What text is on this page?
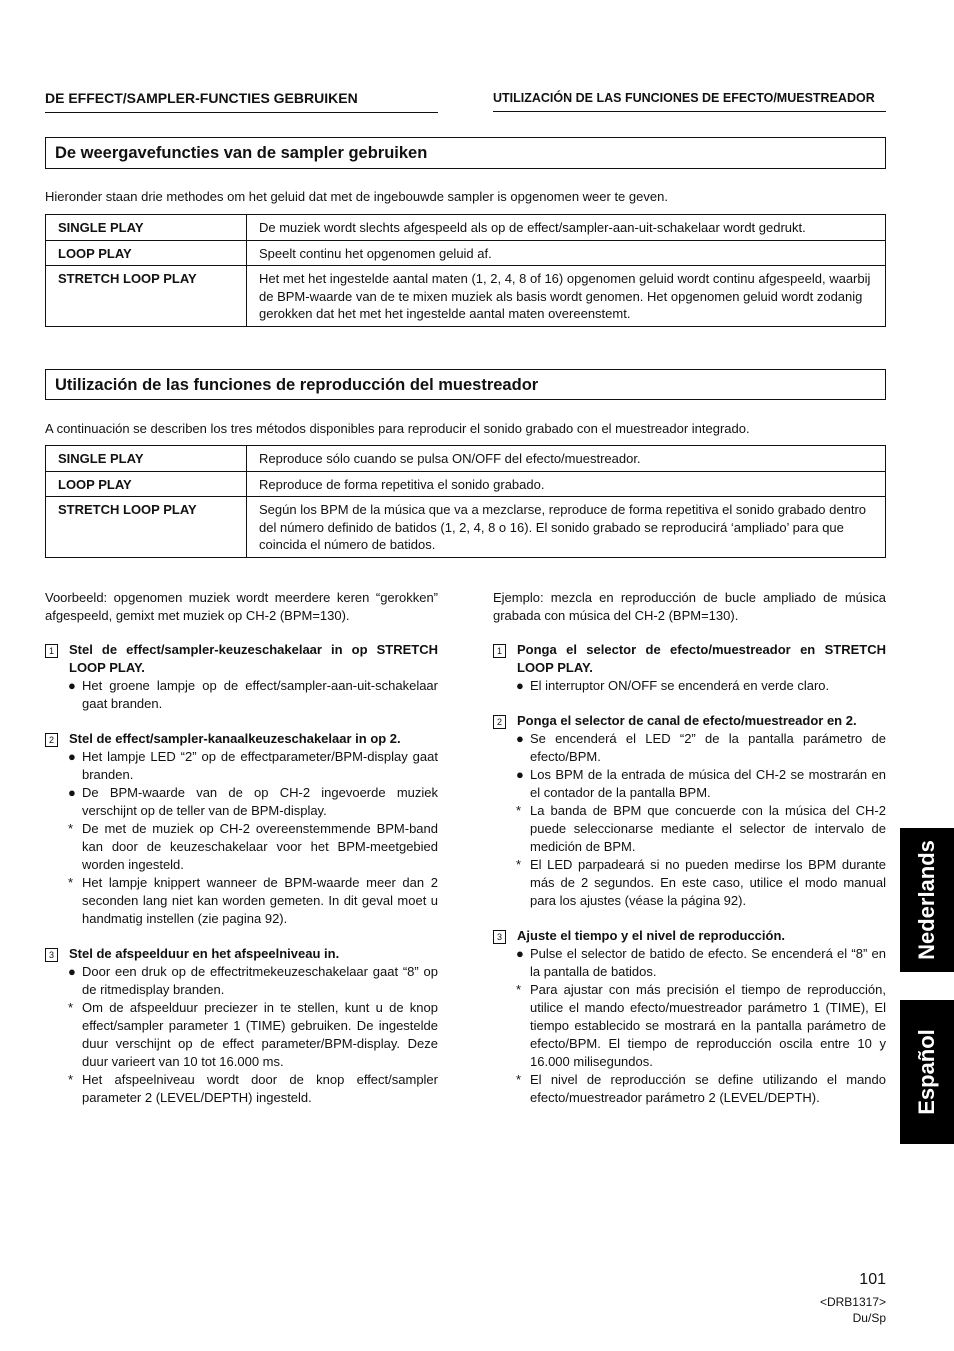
DE EFFECT/SAMPLER-FUNCTIES GEBRUIKEN	UTILIZACIÓN DE LAS FUNCIONES DE EFECTO/MUESTREADOR
De weergavefuncties van de sampler gebruiken
Hieronder staan drie methodes om het geluid dat met de ingebouwde sampler is opgenomen weer te geven.
SINGLE PLAY	De muziek wordt slechts afgespeeld als op de effect/sampler-aan-uit-schakelaar wordt gedrukt.
LOOP PLAY	Speelt continu het opgenomen geluid af.
STRETCH LOOP PLAY	Het met het ingestelde aantal maten (1, 2, 4, 8 of 16) opgenomen geluid wordt continu afgespeeld, waarbij de BPM-waarde van de te mixen muziek als basis wordt genomen. Het opgenomen geluid wordt zodanig gerokken dat het met het ingestelde aantal maten overeenstemt.
Utilización de las funciones de reproducción del muestreador
A continuación se describen los tres métodos disponibles para reproducir el sonido grabado con el muestreador integrado.
SINGLE PLAY	Reproduce sólo cuando se pulsa ON/OFF del efecto/muestreador.
LOOP PLAY	Reproduce de forma repetitiva el sonido grabado.
STRETCH LOOP PLAY	Según los BPM de la música que va a mezclarse, reproduce de forma repetitiva el sonido grabado dentro del número definido de batidos (1, 2, 4, 8 o 16). El sonido grabado se reproducirá ‘ampliado’ para que coincida el número de batidos.

Voorbeeld: opgenomen muziek wordt meerdere keren “gerokken” afgespeeld, gemixt met muziek op CH-2 (BPM=130).

1	Stel de effect/sampler-keuzeschakelaar in op STRETCH LOOP PLAY.
● Het groene lampje op de effect/sampler-aan-uit-schakelaar gaat branden.
2	Stel de effect/sampler-kanaalkeuzeschakelaar in op 2.
● Het lampje LED “2” op de effectparameter/BPM-display gaat branden.
● De BPM-waarde van de op CH-2 ingevoerde muziek verschijnt op de teller van de BPM-display.
* De met de muziek op CH-2 overeenstemmende BPM-band kan door de keuzeschakelaar voor het BPM-meetgebied worden ingesteld.
* Het lampje knippert wanneer de BPM-waarde meer dan 2 seconden lang niet kan worden gemeten. In dit geval moet u handmatig instellen (zie pagina 92).
3	Stel de afspeelduur en het afspeelniveau in.
● Door een druk op de effectritmekeuzeschakelaar gaat “8” op de ritmedisplay branden.
* Om de afspeelduur preciezer in te stellen, kunt u de knop effect/sampler parameter 1 (TIME) gebruiken. De ingestelde duur verschijnt op de effect parameter/BPM-display. Deze duur varieert van 10 tot 16.000 ms.
* Het afspeelniveau wordt door de knop effect/sampler parameter 2 (LEVEL/DEPTH) ingesteld.

Ejemplo: mezcla en reproducción de bucle ampliado de música grabada con música del CH-2 (BPM=130).

1	Ponga el selector de efecto/muestreador en STRETCH LOOP PLAY.
● El interruptor ON/OFF se encenderá en verde claro.
2	Ponga el selector de canal de efecto/muestreador en 2.
● Se encenderá el LED “2” de la pantalla parámetro de efecto/BPM.
● Los BPM de la entrada de música del CH-2 se mostrarán en el contador de la pantalla BPM.
* La banda de BPM que concuerde con la música del CH-2 puede seleccionarse mediante el selector de intervalo de medición de BPM.
* El LED parpadeará si no pueden medirse los BPM durante más de 2 segundos. En este caso, utilice el modo manual para los ajustes (véase la página 92).
3	Ajuste el tiempo y el nivel de reproducción.
● Pulse el selector de batido de efecto. Se encenderá el “8” en la pantalla de batidos.
* Para ajustar con más precisión el tiempo de reproducción, utilice el mando efecto/muestreador parámetro 1 (TIME), El tiempo establecido se mostrará en la pantalla parámetro de efecto/BPM. El tiempo de reproducción oscila entre 10 y 16.000 milisegundos.
* El nivel de reproducción se define utilizando el mando efecto/muestreador parámetro 2 (LEVEL/DEPTH).
Nederlands
Español
101
<DRB1317>
Du/Sp
